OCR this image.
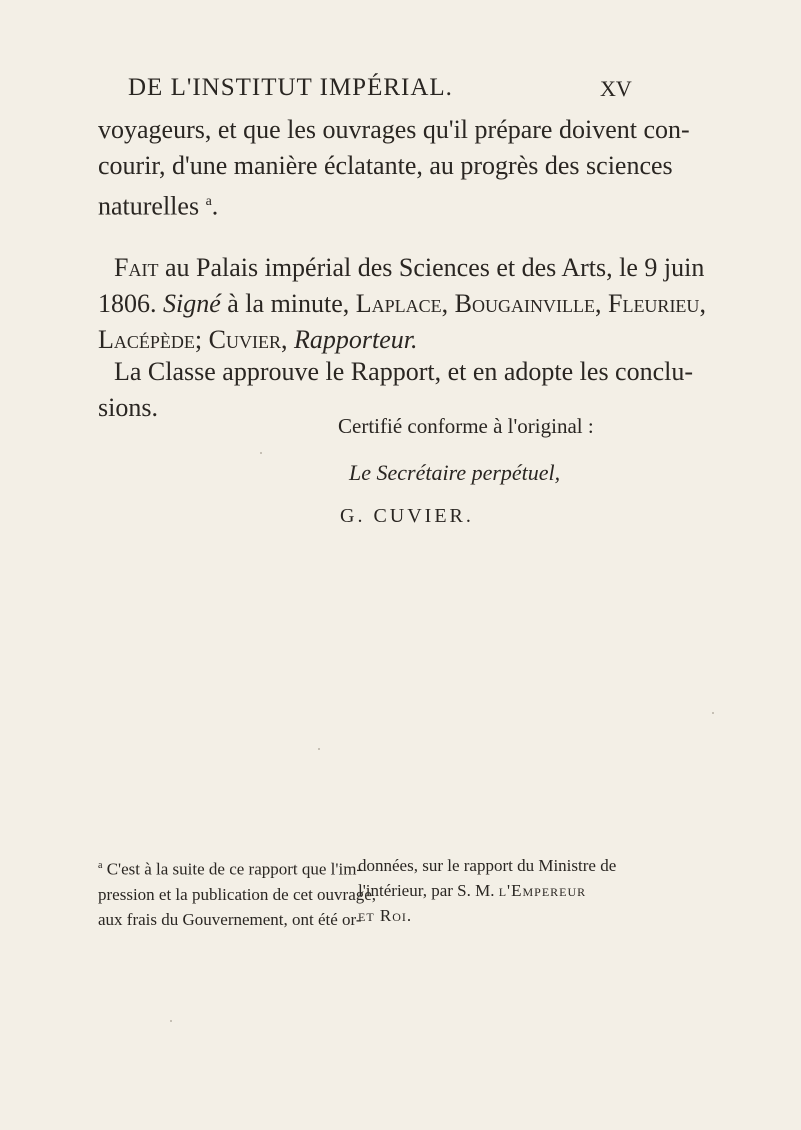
DE L'INSTITUT IMPÉRIAL.	XV
voyageurs, et que les ouvrages qu'il prépare doivent con-
courir, d'une manière éclatante, au progrès des sciences
naturelles $^a$.
Fait au Palais impérial des Sciences et des Arts, le 9 juin
1806. Signé à la minute, Laplace, Bougainville, Fleurieu,
Lacépède; Cuvier, Rapporteur.
La Classe approuve le Rapport, et en adopte les conclu-
sions.
Certifié conforme à l'original :
Le Secrétaire perpétuel,
G. CUVIER.
$^a$ C'est à la suite de ce rapport que l'im-
pression et la publication de cet ouvrage,
aux frais du Gouvernement, ont été or-
données, sur le rapport du Ministre de
l'intérieur, par S. M. l'Empereur
et Roi.
